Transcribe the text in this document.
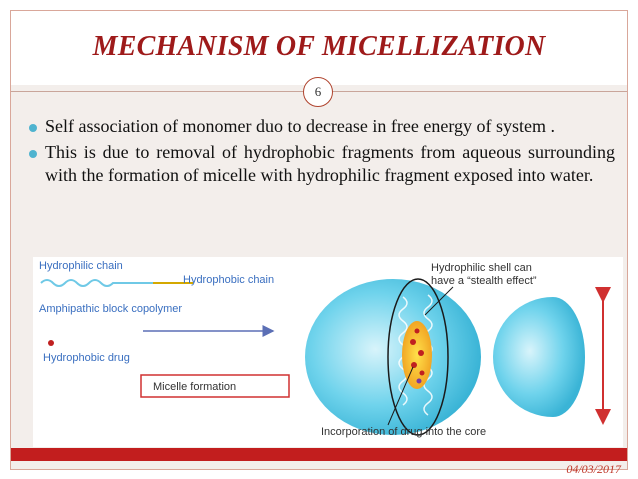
MECHANISM OF MICELLIZATION
6
Self association of monomer duo to decrease in free energy of system .
This is due to removal of hydrophobic fragments from aqueous surrounding with the formation of micelle with hydrophilic fragment exposed into water.
Hydrophilic chain
Hydrophobic chain
Amphipathic block copolymer
Hydrophobic drug
Micelle formation
Hydrophilic shell can
have a “stealth effect”
Incorporation of drug into the core
04/03/2017
